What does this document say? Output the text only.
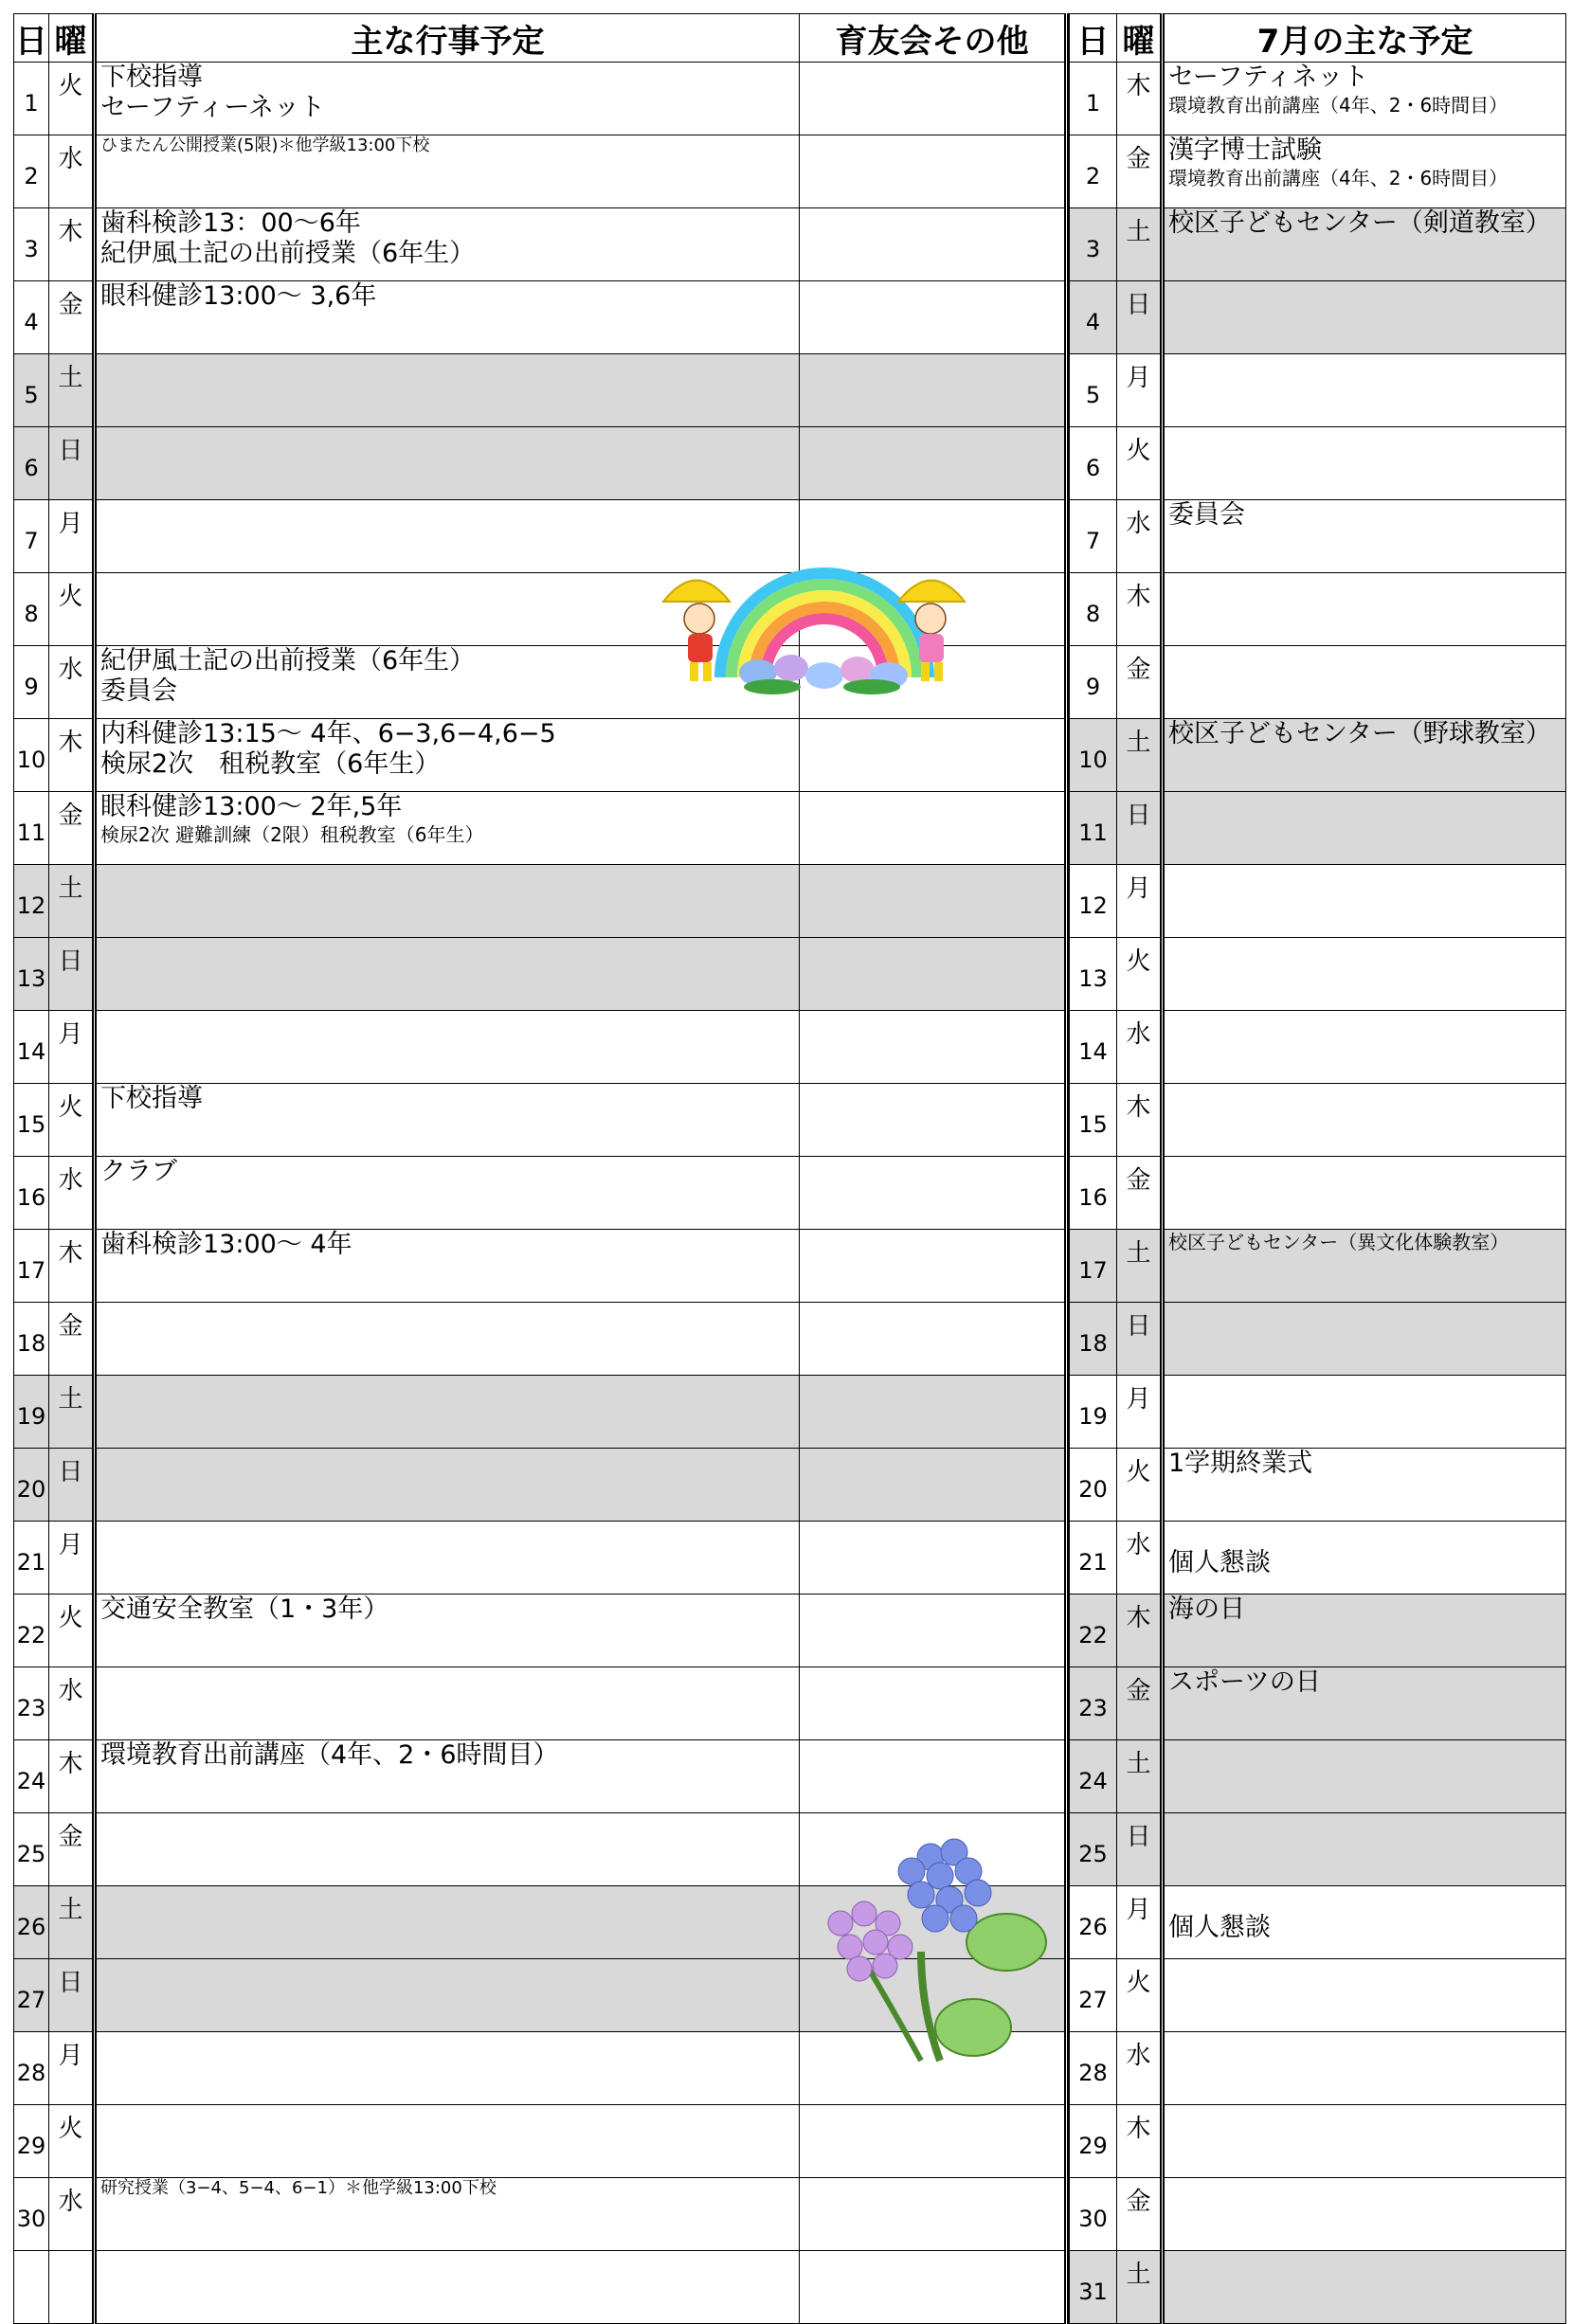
日	曜	主な行事予定	育友会その他
1	火	下校指導
セーフティーネット	

2	水	ひまたん公開授業(5限)＊他学級13:00下校	

3	木	歯科検診13：00～6年
紀伊風土記の出前授業（6年生）	

4	金	眼科健診13:00～ 3,6年	

5	土		
6	日		
7	月		
8	火		
9	水	紀伊風土記の出前授業（6年生）
委員会	

10	木	内科健診13:15～ 4年、6−3,6−4,6−5
検尿2次　租税教室（6年生）	

11	金	眼科健診13:00～ 2年,5年
検尿2次 避難訓練（2限）租税教室（6年生）	

12	土		
13	日		
14	月		
15	火	下校指導	

16	水	クラブ	

17	木	歯科検診13:00～ 4年	

18	金		
19	土		
20	日		
21	月		
22	火	交通安全教室（1・3年）	

23	水		
24	木	環境教育出前講座（4年、2・6時間目）	

25	金		
26	土		
27	日		
28	月		
29	火		
30	水	研究授業（3−4、5−4、6−1）＊他学級13:00下校	

日	曜	7月の主な予定
1	木	セーフティネット
環境教育出前講座（4年、2・6時間目）

2	金	漢字博士試験
環境教育出前講座（4年、2・6時間目）

3	土	校区子どもセンター（剣道教室）

4	日	
5	月	
6	火	
7	水	委員会

8	木	
9	金	
10	土	校区子どもセンター（野球教室）

11	日	
12	月	
13	火	
14	水	
15	木	
16	金	
17	土	校区子どもセンター（異文化体験教室）

18	日	
19	月	
20	火	1学期終業式

21	水	個人懇談

22	木	海の日

23	金	スポーツの日

24	土	
25	日	
26	月	個人懇談

27	火	
28	水	
29	木	
30	金	
31	土	
